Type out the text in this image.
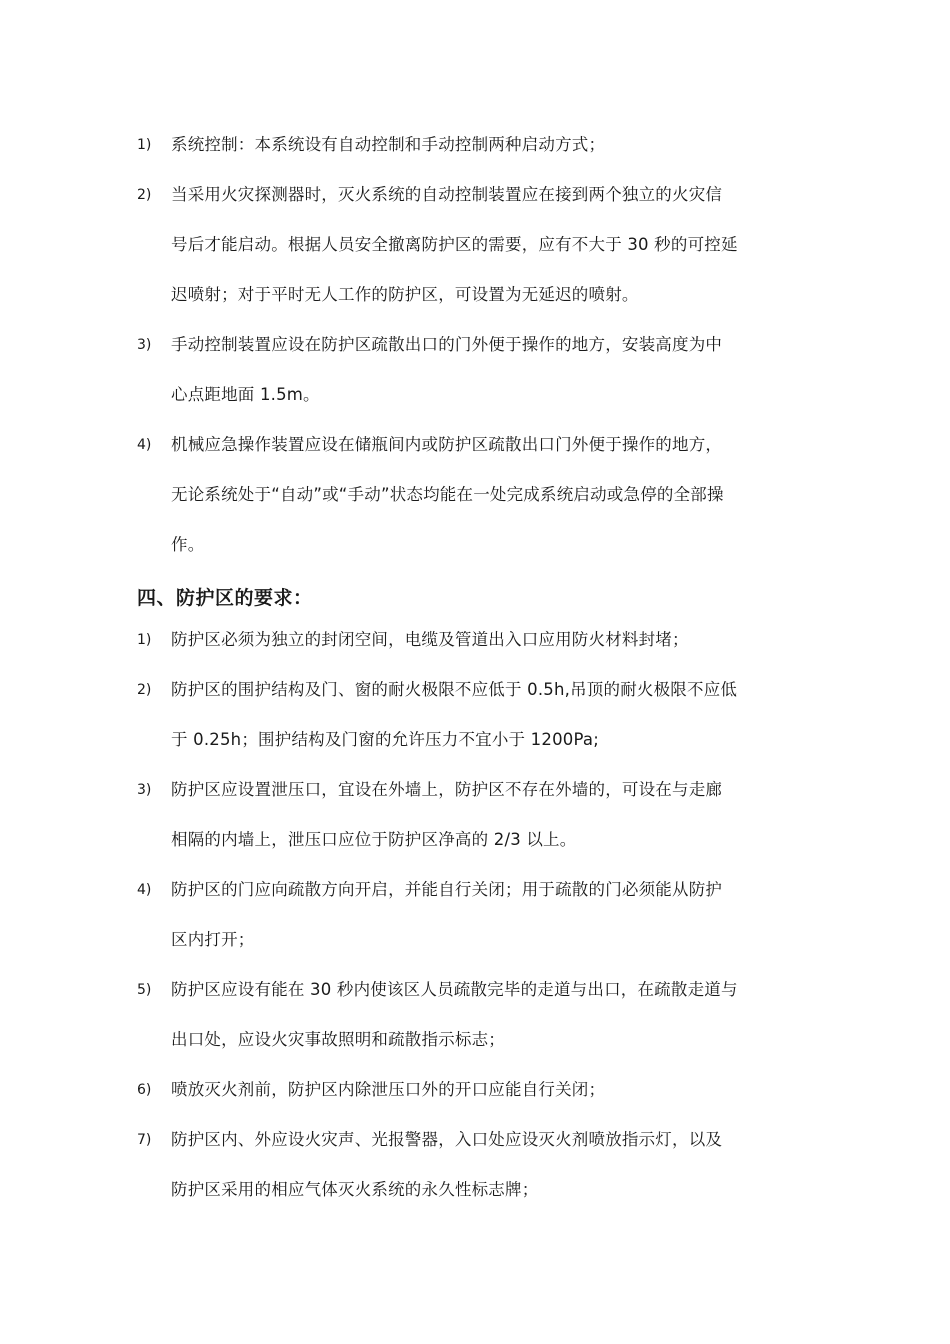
1) 系统控制：本系统设有自动控制和手动控制两种启动方式；
2) 当采用火灾探测器时，灭火系统的自动控制装置应在接到两个独立的火灾信
号后才能启动。根据人员安全撤离防护区的需要，应有不大于 30 秒的可控延
迟喷射；对于平时无人工作的防护区，可设置为无延迟的喷射。
3) 手动控制装置应设在防护区疏散出口的门外便于操作的地方，安装高度为中
心点距地面 1.5m。
4) 机械应急操作装置应设在储瓶间内或防护区疏散出口门外便于操作的地方，
无论系统处于“自动”或“手动”状态均能在一处完成系统启动或急停的全部操
作。
四、防护区的要求：
1) 防护区必须为独立的封闭空间，电缆及管道出入口应用防火材料封堵；
2) 防护区的围护结构及门、窗的耐火极限不应低于 0.5h,吊顶的耐火极限不应低
于 0.25h；围护结构及门窗的允许压力不宜小于 1200Pa;
3) 防护区应设置泄压口，宜设在外墙上，防护区不存在外墙的，可设在与走廊
相隔的内墙上，泄压口应位于防护区净高的 2/3 以上。
4) 防护区的门应向疏散方向开启，并能自行关闭；用于疏散的门必须能从防护
区内打开；
5) 防护区应设有能在 30 秒内使该区人员疏散完毕的走道与出口，在疏散走道与
出口处，应设火灾事故照明和疏散指示标志；
6) 喷放灭火剂前，防护区内除泄压口外的开口应能自行关闭；
7) 防护区内、外应设火灾声、光报警器，入口处应设灭火剂喷放指示灯，以及
防护区采用的相应气体灭火系统的永久性标志牌；
